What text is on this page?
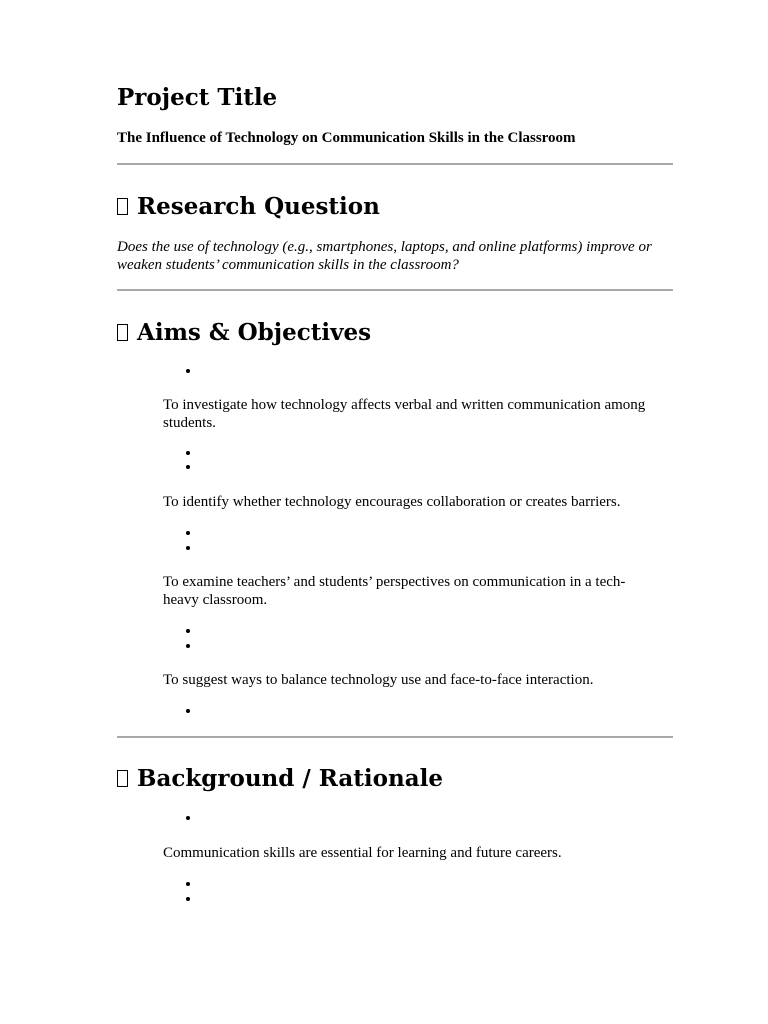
Project Title

The Influence of Technology on Communication Skills in the Classroom

Research Question

Does the use of technology (e.g., smartphones, laptops, and online platforms) improve or weaken students’ communication skills in the classroom?

Aims & Objectives

To investigate how technology affects verbal and written communication among students.

To identify whether technology encourages collaboration or creates barriers.

To examine teachers’ and students’ perspectives on communication in a tech-heavy classroom.

To suggest ways to balance technology use and face-to-face interaction.

Background / Rationale

Communication skills are essential for learning and future careers.
